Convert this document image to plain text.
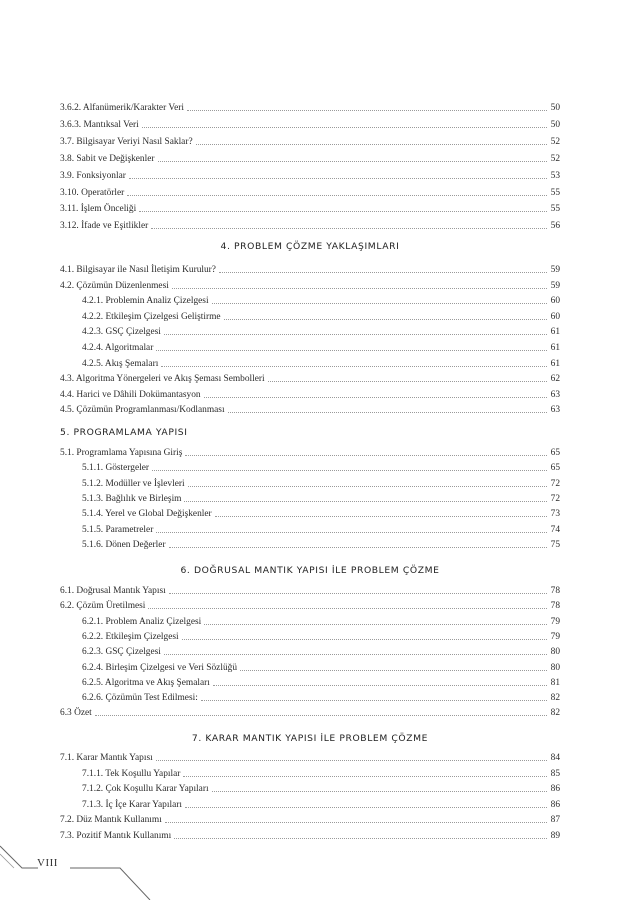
4. PROBLEM ÇÖZME YAKLAŞIMLARI
5. PROGRAMLAMA YAPISI
6. DOĞRUSAL MANTIK YAPISI İLE PROBLEM ÇÖZME
7. KARAR MANTIK YAPISI İLE PROBLEM ÇÖZME
3.6.2. Alfanümerik/Karakter Veri	50
3.6.3. Mantıksal Veri	50
3.7. Bilgisayar Veriyi Nasıl Saklar?	52
3.8. Sabit ve Değişkenler	52
3.9. Fonksiyonlar	53
3.10. Operatörler	55
3.11. İşlem Önceliği	55
3.12. İfade ve Eşitlikler	56
4.1. Bilgisayar ile Nasıl İletişim Kurulur?	59
4.2. Çözümün Düzenlenmesi	59
4.2.1. Problemin Analiz Çizelgesi	60
4.2.2. Etkileşim Çizelgesi Geliştirme	60
4.2.3. GSÇ Çizelgesi	61
4.2.4. Algoritmalar	61
4.2.5. Akış Şemaları	61
4.3. Algoritma Yönergeleri ve Akış Şeması Sembolleri	62
4.4. Harici ve Dâhili Dokümantasyon	63
4.5. Çözümün Programlanması/Kodlanması	63
5.1. Programlama Yapısına Giriş	65
5.1.1. Göstergeler	65
5.1.2. Modüller ve İşlevleri	72
5.1.3. Bağlılık ve Birleşim	72
5.1.4. Yerel ve Global Değişkenler	73
5.1.5. Parametreler	74
5.1.6. Dönen Değerler	75
6.1. Doğrusal Mantık Yapısı	78
6.2. Çözüm Üretilmesi	78
6.2.1. Problem Analiz Çizelgesi	79
6.2.2. Etkileşim Çizelgesi	79
6.2.3. GSÇ Çizelgesi	80
6.2.4. Birleşim Çizelgesi ve Veri Sözlüğü	80
6.2.5. Algoritma ve Akış Şemaları	81
6.2.6. Çözümün Test Edilmesi:	82
6.3 Özet	82
7.1. Karar Mantık Yapısı	84
7.1.1. Tek Koşullu Yapılar	85
7.1.2. Çok Koşullu Karar Yapıları	86
7.1.3. İç İçe Karar Yapıları	86
7.2. Düz Mantık Kullanımı	87
7.3. Pozitif Mantık Kullanımı	89
VIII
